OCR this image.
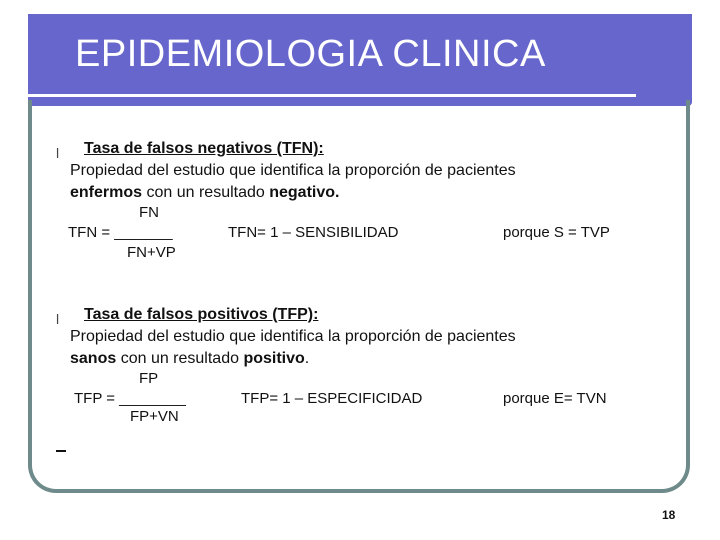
EPIDEMIOLOGIA CLINICA
l Tasa de falsos negativos (TFN):
Propiedad del estudio que identifica la proporción de pacientes
enfermos con un resultado negativo.
FN
TFN = _______	TFN= 1 – SENSIBILIDAD	porque S = TVP
FN+VP
l Tasa de falsos positivos (TFP):
Propiedad del estudio que identifica la proporción de pacientes
sanos con un resultado positivo.
FP
TFP = ________	TFP= 1 – ESPECIFICIDAD	porque E= TVN
FP+VN
18
